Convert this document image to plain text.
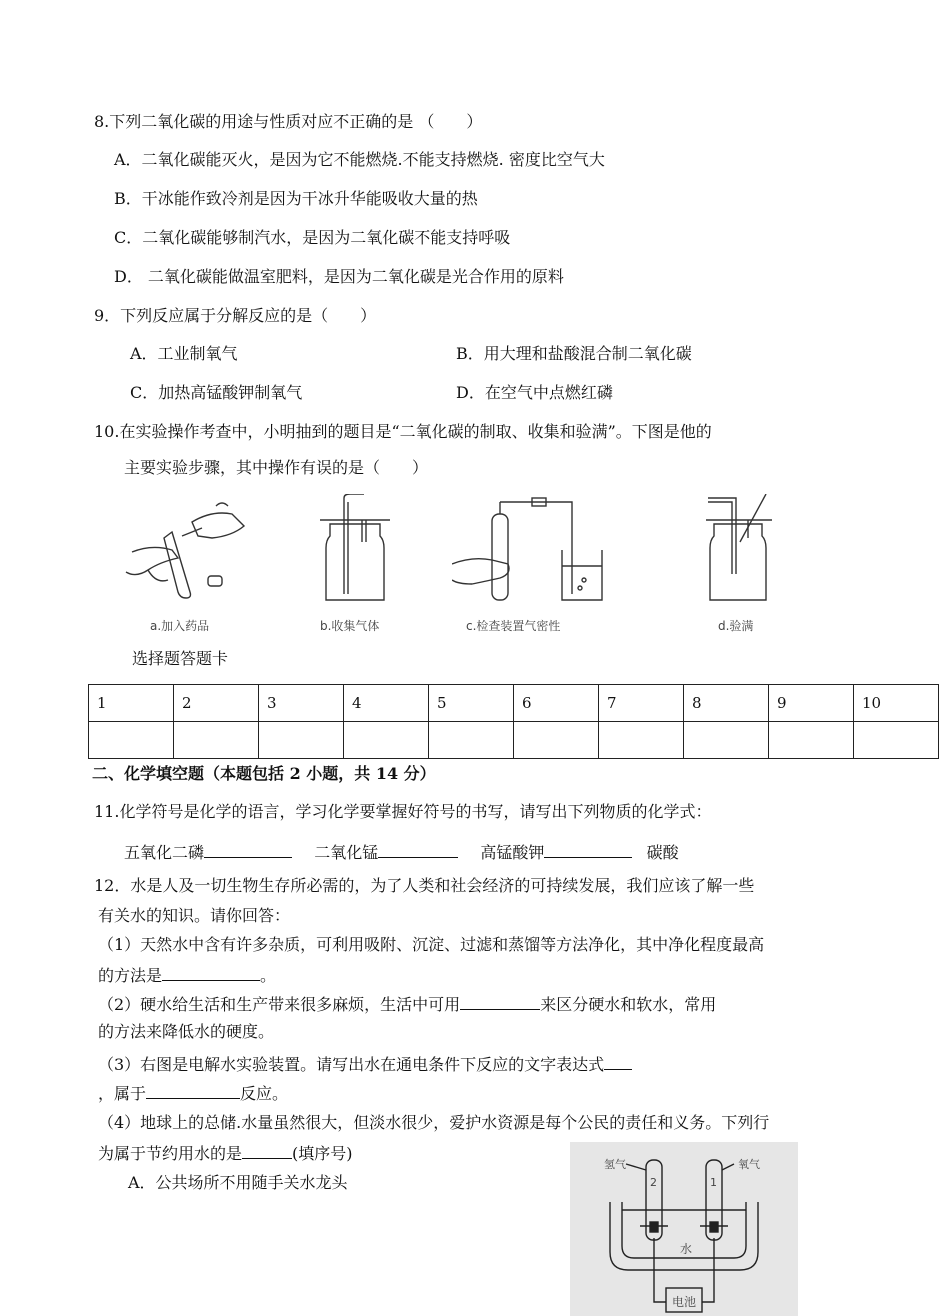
8.下列二氧化碳的用途与性质对应不正确的是 （　　）
A．二氧化碳能灭火，是因为它不能燃烧.不能支持燃烧. 密度比空气大
B．干冰能作致冷剂是因为干冰升华能吸收大量的热
C．二氧化碳能够制汽水，是因为二氧化碳不能支持呼吸
D． 二氧化碳能做温室肥料，是因为二氧化碳是光合作用的原料
9．下列反应属于分解反应的是（　　）
A．工业制氧气	B．用大理和盐酸混合制二氧化碳
C．加热高锰酸钾制氧气	D．在空气中点燃红磷
10.在实验操作考查中，小明抽到的题目是“二氧化碳的制取、收集和验满”。下图是他的
主要实验步骤，其中操作有误的是（　　）
a.加入药品	b.收集气体	c.检查装置气密性	d.验满
选择题答题卡
1	2	3	4	5	6	7	8	9	10

二、化学填空题（本题包括 2 小题，共 14 分）
11.化学符号是化学的语言，学习化学要掌握好符号的书写，请写出下列物质的化学式：
五氧化二磷	二氧化锰	高锰酸钾	碳酸
12．水是人及一切生物生存所必需的，为了人类和社会经济的可持续发展，我们应该了解一些
有关水的知识。请你回答：
（1）天然水中含有许多杂质，可利用吸附、沉淀、过滤和蒸馏等方法净化，其中净化程度最高
的方法是	。
（2）硬水给生活和生产带来很多麻烦，生活中可用	来区分硬水和软水，常用
的方法来降低水的硬度。
（3）右图是电解水实验装置。请写出水在通电条件下反应的文字表达式
，属于	反应。
（4）地球上的总储.水量虽然很大，但淡水很少，爱护水资源是每个公民的责任和义务。下列行
为属于节约用水的是	(填序号)
A．公共场所不用随手关水龙头
氢气	氧气
2	1
水
电池
